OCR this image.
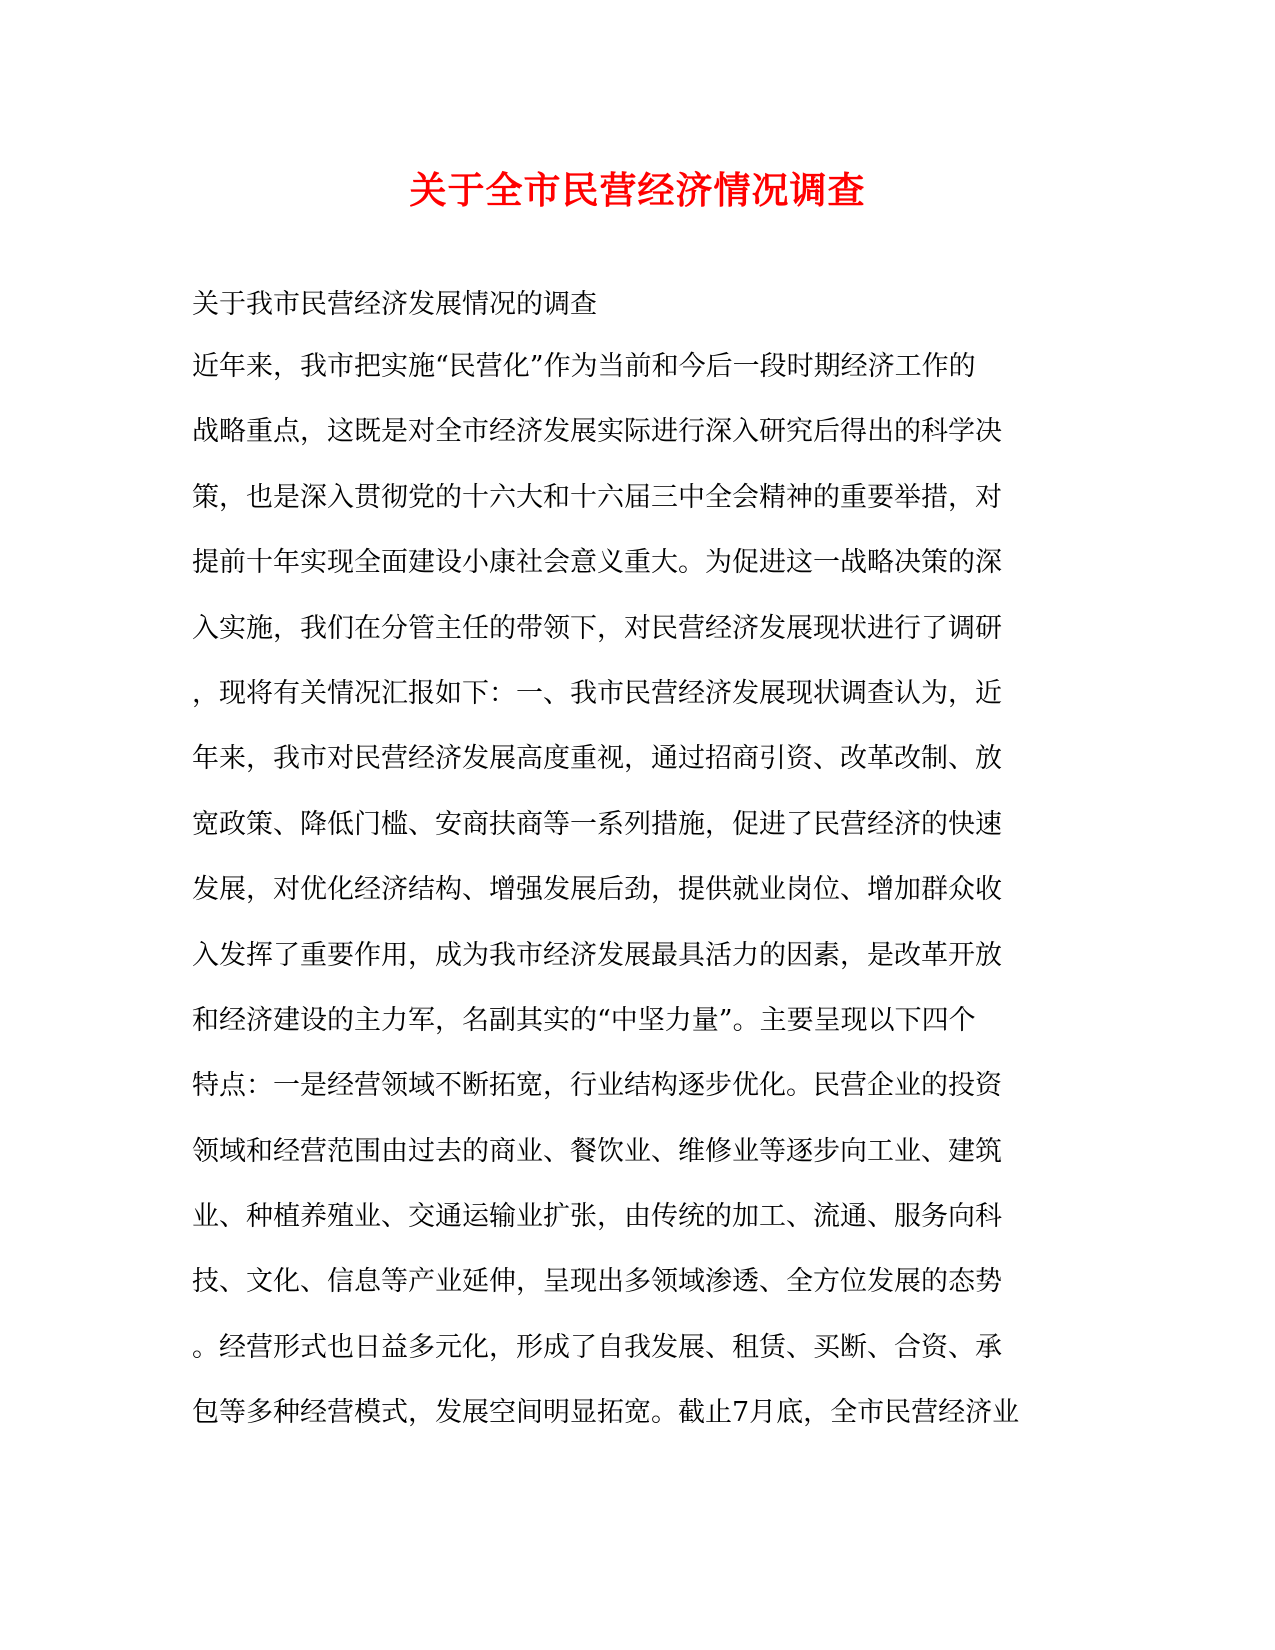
关于全市民营经济情况调查
关于我市民营经济发展情况的调查
近年来，我市把实施“民营化”作为当前和今后一段时期经济工作的
战略重点，这既是对全市经济发展实际进行深入研究后得出的科学决
策，也是深入贯彻党的十六大和十六届三中全会精神的重要举措，对
提前十年实现全面建设小康社会意义重大。为促进这一战略决策的深
入实施，我们在分管主任的带领下，对民营经济发展现状进行了调研
，现将有关情况汇报如下：一、我市民营经济发展现状调查认为，近
年来，我市对民营经济发展高度重视，通过招商引资、改革改制、放
宽政策、降低门槛、安商扶商等一系列措施，促进了民营经济的快速
发展，对优化经济结构、增强发展后劲，提供就业岗位、增加群众收
入发挥了重要作用，成为我市经济发展最具活力的因素，是改革开放
和经济建设的主力军，名副其实的“中坚力量”。主要呈现以下四个
特点：一是经营领域不断拓宽，行业结构逐步优化。民营企业的投资
领域和经营范围由过去的商业、餐饮业、维修业等逐步向工业、建筑
业、种植养殖业、交通运输业扩张，由传统的加工、流通、服务向科
技、文化、信息等产业延伸，呈现出多领域渗透、全方位发展的态势
。经营形式也日益多元化，形成了自我发展、租赁、买断、合资、承
包等多种经营模式，发展空间明显拓宽。截止7月底，全市民营经济业
